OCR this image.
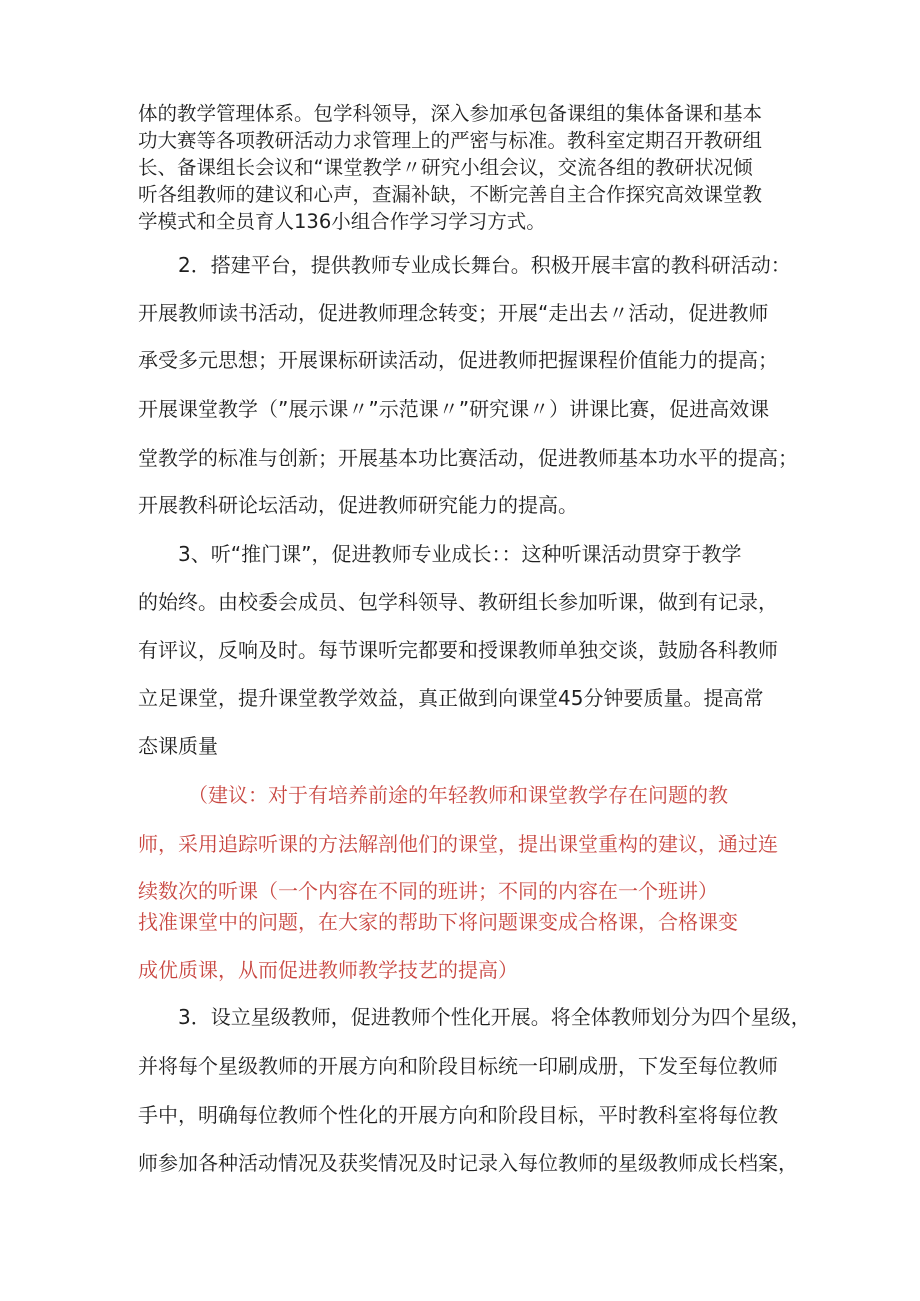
体的教学管理体系。包学科领导，深入参加承包备课组的集体备课和基本
功大赛等各项教研活动力求管理上的严密与标准。教科室定期召开教研组
长、备课组长会议和“课堂教学〃研究小组会议，交流各组的教研状况倾
听各组教师的建议和心声，查漏补缺，不断完善自主合作探究高效课堂教
学模式和全员育人136小组合作学习学习方式。
2．搭建平台，提供教师专业成长舞台。积极开展丰富的教科研活动：
开展教师读书活动，促进教师理念转变；开展“走出去〃活动，促进教师
承受多元思想；开展课标研读活动，促进教师把握课程价值能力的提高；
开展课堂教学（”展示课〃”示范课〃”研究课〃）讲课比赛，促进高效课
堂教学的标准与创新；开展基本功比赛活动，促进教师基本功水平的提高；
开展教科研论坛活动，促进教师研究能力的提高。
3、听“推门课”，促进教师专业成长：：这种听课活动贯穿于教学
的始终。由校委会成员、包学科领导、教研组长参加听课，做到有记录，
有评议，反响及时。每节课听完都要和授课教师单独交谈，鼓励各科教师
立足课堂，提升课堂教学效益，真正做到向课堂45分钟要质量。提高常
态课质量
（建议：对于有培养前途的年轻教师和课堂教学存在问题的教
师，采用追踪听课的方法解剖他们的课堂，提出课堂重构的建议，通过连
续数次的听课（一个内容在不同的班讲；不同的内容在一个班讲）
找准课堂中的问题，在大家的帮助下将问题课变成合格课，合格课变
成优质课，从而促进教师教学技艺的提高）
3．设立星级教师，促进教师个性化开展。将全体教师划分为四个星级，
并将每个星级教师的开展方向和阶段目标统一印刷成册，下发至每位教师
手中，明确每位教师个性化的开展方向和阶段目标，平时教科室将每位教
师参加各种活动情况及获奖情况及时记录入每位教师的星级教师成长档案，
